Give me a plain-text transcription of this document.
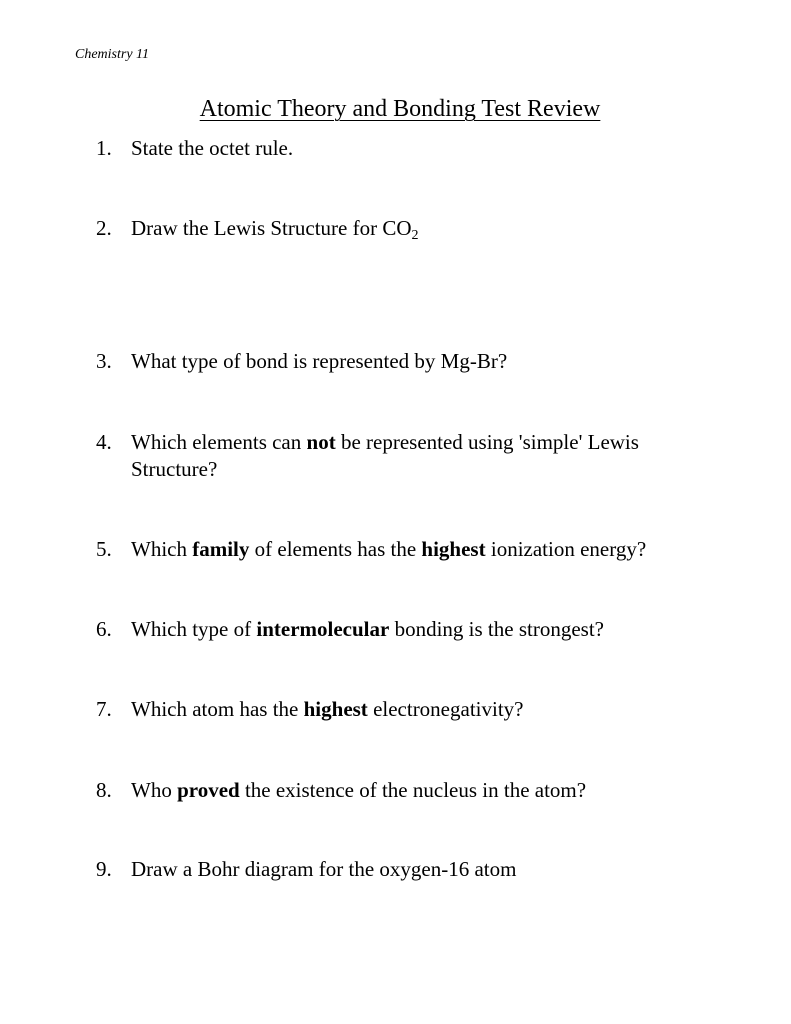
Chemistry 11
Atomic Theory and Bonding Test Review
1. State the octet rule.
2. Draw the Lewis Structure for $CO_2$
3. What type of bond is represented by Mg-Br?
4. Which elements can not be represented using 'simple' Lewis Structure?
5. Which family of elements has the highest ionization energy?
6. Which type of intermolecular bonding is the strongest?
7. Which atom has the highest electronegativity?
8. Who proved the existence of the nucleus in the atom?
9. Draw a Bohr diagram for the oxygen-16 atom
